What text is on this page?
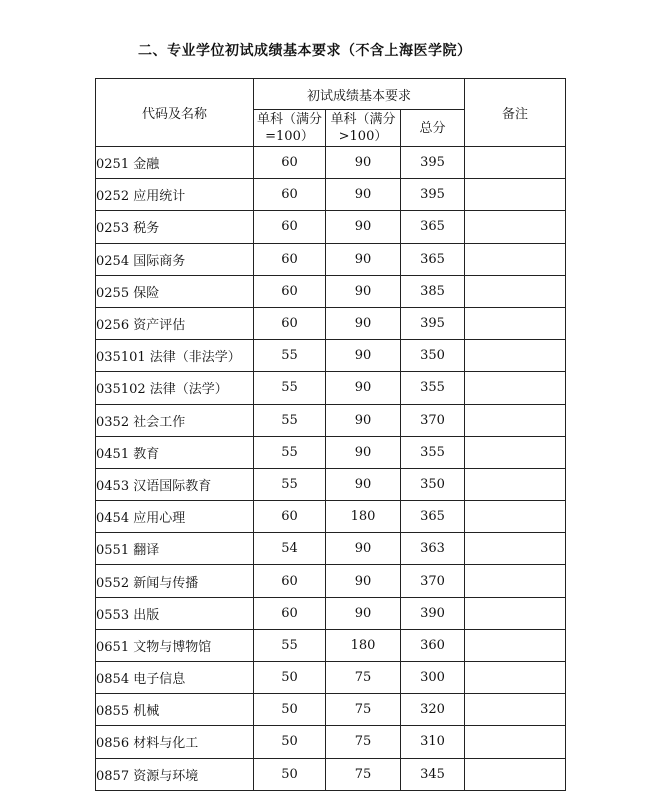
二、专业学位初试成绩基本要求（不含上海医学院）
代码及名称	初试成绩基本要求			备注
	单科（满分=100）	单科（满分>100）	总分	
0251 金融	60	90	395	
0252 应用统计	60	90	395	
0253 税务	60	90	365	
0254 国际商务	60	90	365	
0255 保险	60	90	385	
0256 资产评估	60	90	395	
035101 法律（非法学）	55	90	350	
035102 法律（法学）	55	90	355	
0352 社会工作	55	90	370	
0451 教育	55	90	355	
0453 汉语国际教育	55	90	350	
0454 应用心理	60	180	365	
0551 翻译	54	90	363	
0552 新闻与传播	60	90	370	
0553 出版	60	90	390	
0651 文物与博物馆	55	180	360	
0854 电子信息	50	75	300	
0855 机械	50	75	320	
0856 材料与化工	50	75	310	
0857 资源与环境	50	75	345	
